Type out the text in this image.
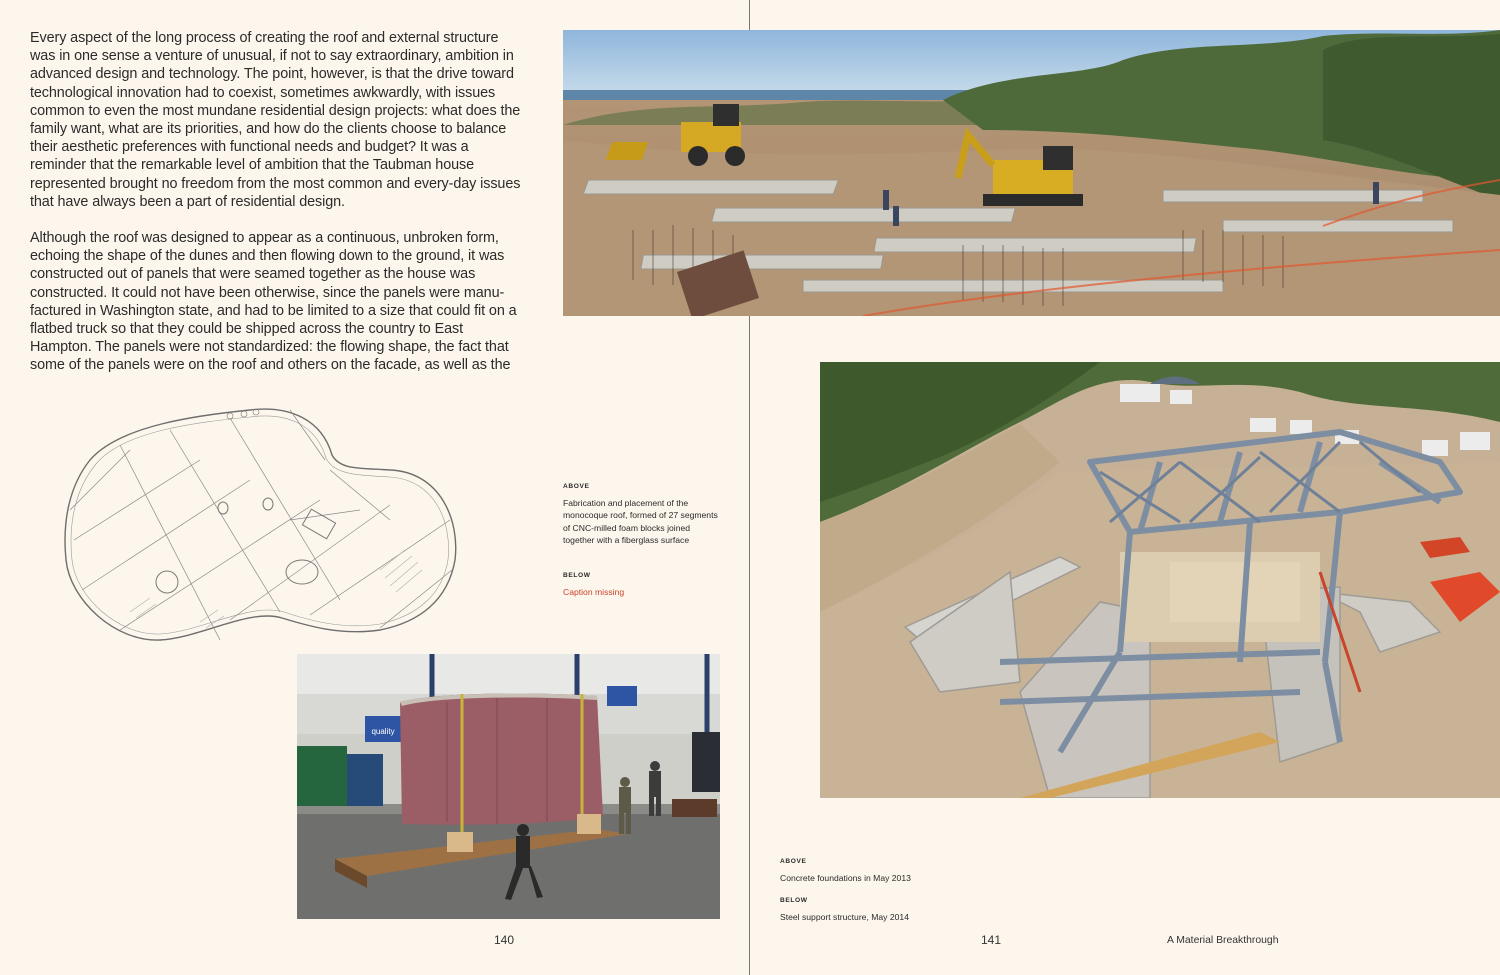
Every aspect of the long process of creating the roof and external structure was in one sense a venture of unusual, if not to say extraordinary, ambition in advanced design and technology. The point, however, is that the drive toward technological innovation had to coexist, sometimes awkwardly, with issues common to even the most mundane residential design projects: what does the family want, what are its priorities, and how do the clients choose to balance their aesthetic preferences with functional needs and budget? It was a reminder that the remarkable level of ambition that the Taubman house represented brought no freedom from the most common and every-day issues that have always been a part of residential design.

Although the roof was designed to appear as a continuous, unbroken form, echoing the shape of the dunes and then flowing down to the ground, it was constructed out of panels that were seamed together as the house was constructed. It could not have been otherwise, since the panels were manu-factured in Washington state, and had to be limited to a size that could fit on a flatbed truck so that they could be shipped across the country to East Hampton. The panels were not standardized: the flowing shape, the fact that some of the panels were on the roof and others on the facade, as well as the

ABOVE
Fabrication and placement of the monocoque roof, formed of 27 segments of CNC-milled foam blocks joined together with a fiberglass surface
BELOW
Caption missing
quality
ABOVE
Concrete foundations in May 2013
BELOW
Steel support structure, May 2014
140	141	A Material Breakthrough
